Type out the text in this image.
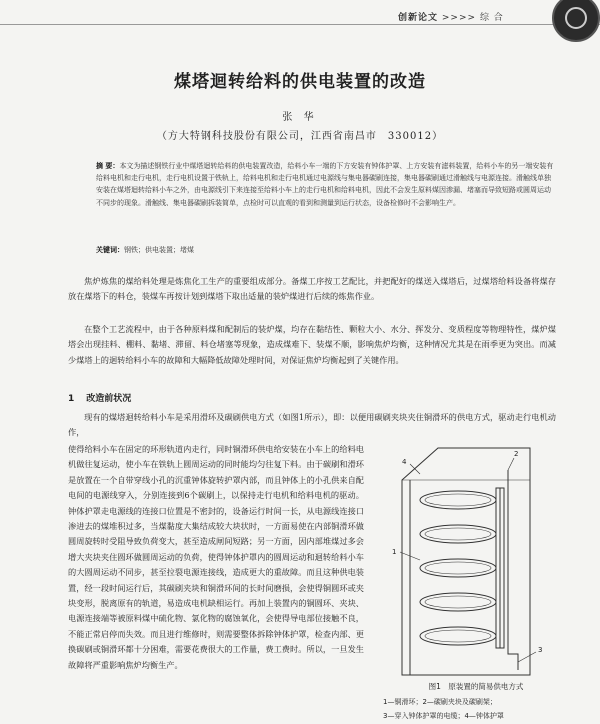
创新论文 >>>> 综 合
煤塔迴转给料的供电装置的改造
张 华
（方大特钢科技股份有限公司，江西省南昌市　330012）
摘 要：本文为描述钢铁行业中煤塔迴转给料的供电装置改造，给料小车一端的下方安装有钟体护罩、上方安装有滤料装置，给料小车的另一端安装有给料电机和走行电机，走行电机设置于铁轨上，给料电机和走行电机通过电源线与集电器碳刷连接，集电器碳刷通过滑触线与电源连接。滑触线单独安装在煤塔迴转给料小车之外，由电源线引下来连接至给料小车上的走行电机和给料电机，因此不会发生原料煤因渗漏、堵塞而导致短路或圆周运动不同步的现象。滑触线、集电器碳刷拆装简单，点检时可以直观的看到和测量到运行状态，设备检修时不会影响生产。
关键词：钢铁；供电装置；堵煤
焦炉炼焦的煤给料处理是炼焦化工生产的重要组成部分。备煤工序按工艺配比，并把配好的煤送入煤塔后，过煤塔给料设备将煤存放在煤塔下的料仓，装煤车再按计划到煤塔下取出适量的装炉煤进行后续的炼焦作业。
在整个工艺流程中，由于各种原料煤和配制后的装炉煤，均存在黏结性、颗粒大小、水分、挥发分、变质程度等物理特性，煤炉煤塔会出现挂料、棚料、黏堵、滞留、料仓堵塞等现象，造成煤难下、装煤不顺，影响焦炉均衡，这种情况尤其是在雨季更为突出。而减少煤塔上的迴转给料小车的故障和大幅降低故障处理时间，对保证焦炉均衡起到了关键作用。
1 改造前状况
现有的煤塔迴转给料小车是采用滑环及碳刷供电方式（如图1所示），即：以便用碳刷夹块夹住铜滑环的供电方式，驱动走行电机动作，
使得给料小车在固定的环形轨道内走行，同时铜滑环供电给安装在小车上的给料电机做往复运动，使小车在铁轨上圆周运动的同时能均匀往复下料。由于碳刷和滑环是放置在一个自带穿线小孔的沉重钟体旋转护罩内部，而且钟体上的小孔供来自配电间的电源线穿入，分别连接到6个碳刷上，以保持走行电机和给料电机的驱动。钟体护罩走电源线的连接口位置是不密封的，设备运行时间一长，从电源线连接口渗进去的煤堆积过多，当煤黏度大集结成较大块状时，一方面易使在内部铜滑环做圆周旋转时受阻导致负荷变大，甚至造成闸间短路；另一方面，因内部堆煤过多会增大夹块夹住圆环做圆周运动的负荷，使得钟体护罩内的圆周运动和迴转给料小车的大圆周运动不同步，甚至拉裂电源连接线，造成更大的重故障。而且这种供电装置，经一段时间运行后，其碳刷夹块和铜滑环间的长时间磨损，会使得铜圆环或夹块变形，脱离原有的轨道，易造成电机缺相运行。再加上装置内的铜圆环、夹块、电源连接端等被原料煤中硫化物、氯化物的腐蚀氧化，会使得导电部位接触不良，不能正常启停而失效。而且进行维修时，则需要整体拆除钟体护罩，检查内部、更换碳刷或铜滑环都十分困难，需要花费很大的工作量，费工费时。所以，一旦发生故障将严重影响焦炉均衡生产。
2
4
1
3
图1　原装置的简易供电方式
1—铜滑环；2—碳刷夹块及碳刷架；
3—穿入钟体护罩的电缆；4—钟体护罩
